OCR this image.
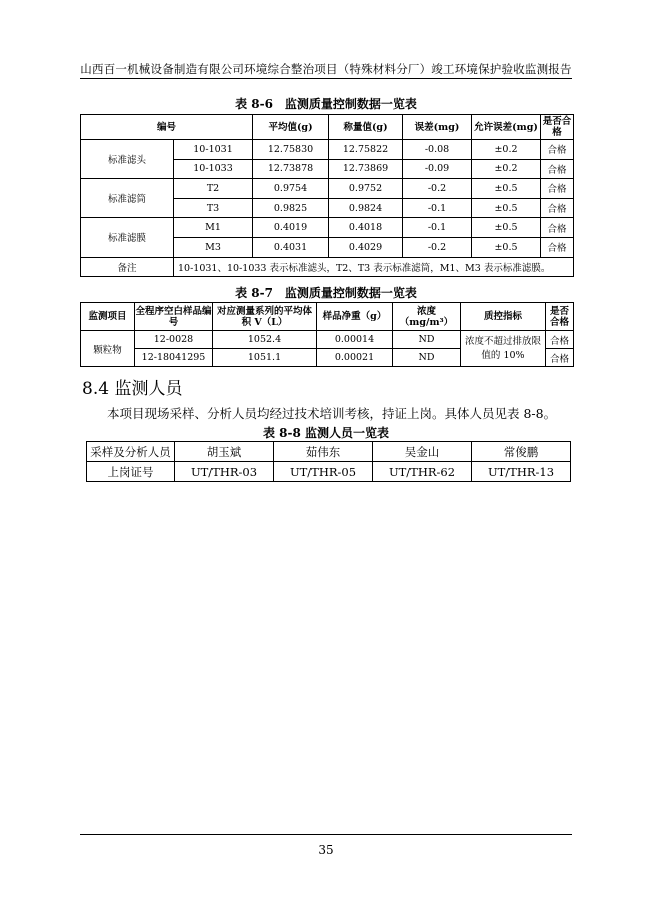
山西百一机械设备制造有限公司环境综合整治项目（特殊材料分厂）竣工环境保护验收监测报告
表 8-6　监测质量控制数据一览表
编号		平均值(g)	称量值(g)	误差(mg)	允许误差(mg)	是否合格
标准滤头	10-1031	12.75830	12.75822	-0.08	±0.2	合格
	10-1033	12.73878	12.73869	-0.09	±0.2	合格
标准滤筒	T2	0.9754	0.9752	-0.2	±0.5	合格
	T3	0.9825	0.9824	-0.1	±0.5	合格
标准滤膜	M1	0.4019	0.4018	-0.1	±0.5	合格
	M3	0.4031	0.4029	-0.2	±0.5	合格
备注	10-1031、10-1033 表示标准滤头，T2、T3 表示标准滤筒，M1、M3 表示标准滤膜。					
表 8-7　监测质量控制数据一览表
监测项目	全程序空白样品编号	对应测量系列的平均体积 V（L）	样品净重（g）	浓度（mg/m³）	质控指标	是否合格
颗粒物	12-0028	1052.4	0.00014	ND	浓度不超过排放限值的 10%	合格
	12-18041295	1051.1	0.00021	ND		合格
8.4 监测人员
本项目现场采样、分析人员均经过技术培训考核，持证上岗。具体人员见表 8-8。
表 8-8 监测人员一览表
采样及分析人员	胡玉斌	茹伟东	吴金山	常俊鹏
上岗证号	UT/THR-03	UT/THR-05	UT/THR-62	UT/THR-13
35
